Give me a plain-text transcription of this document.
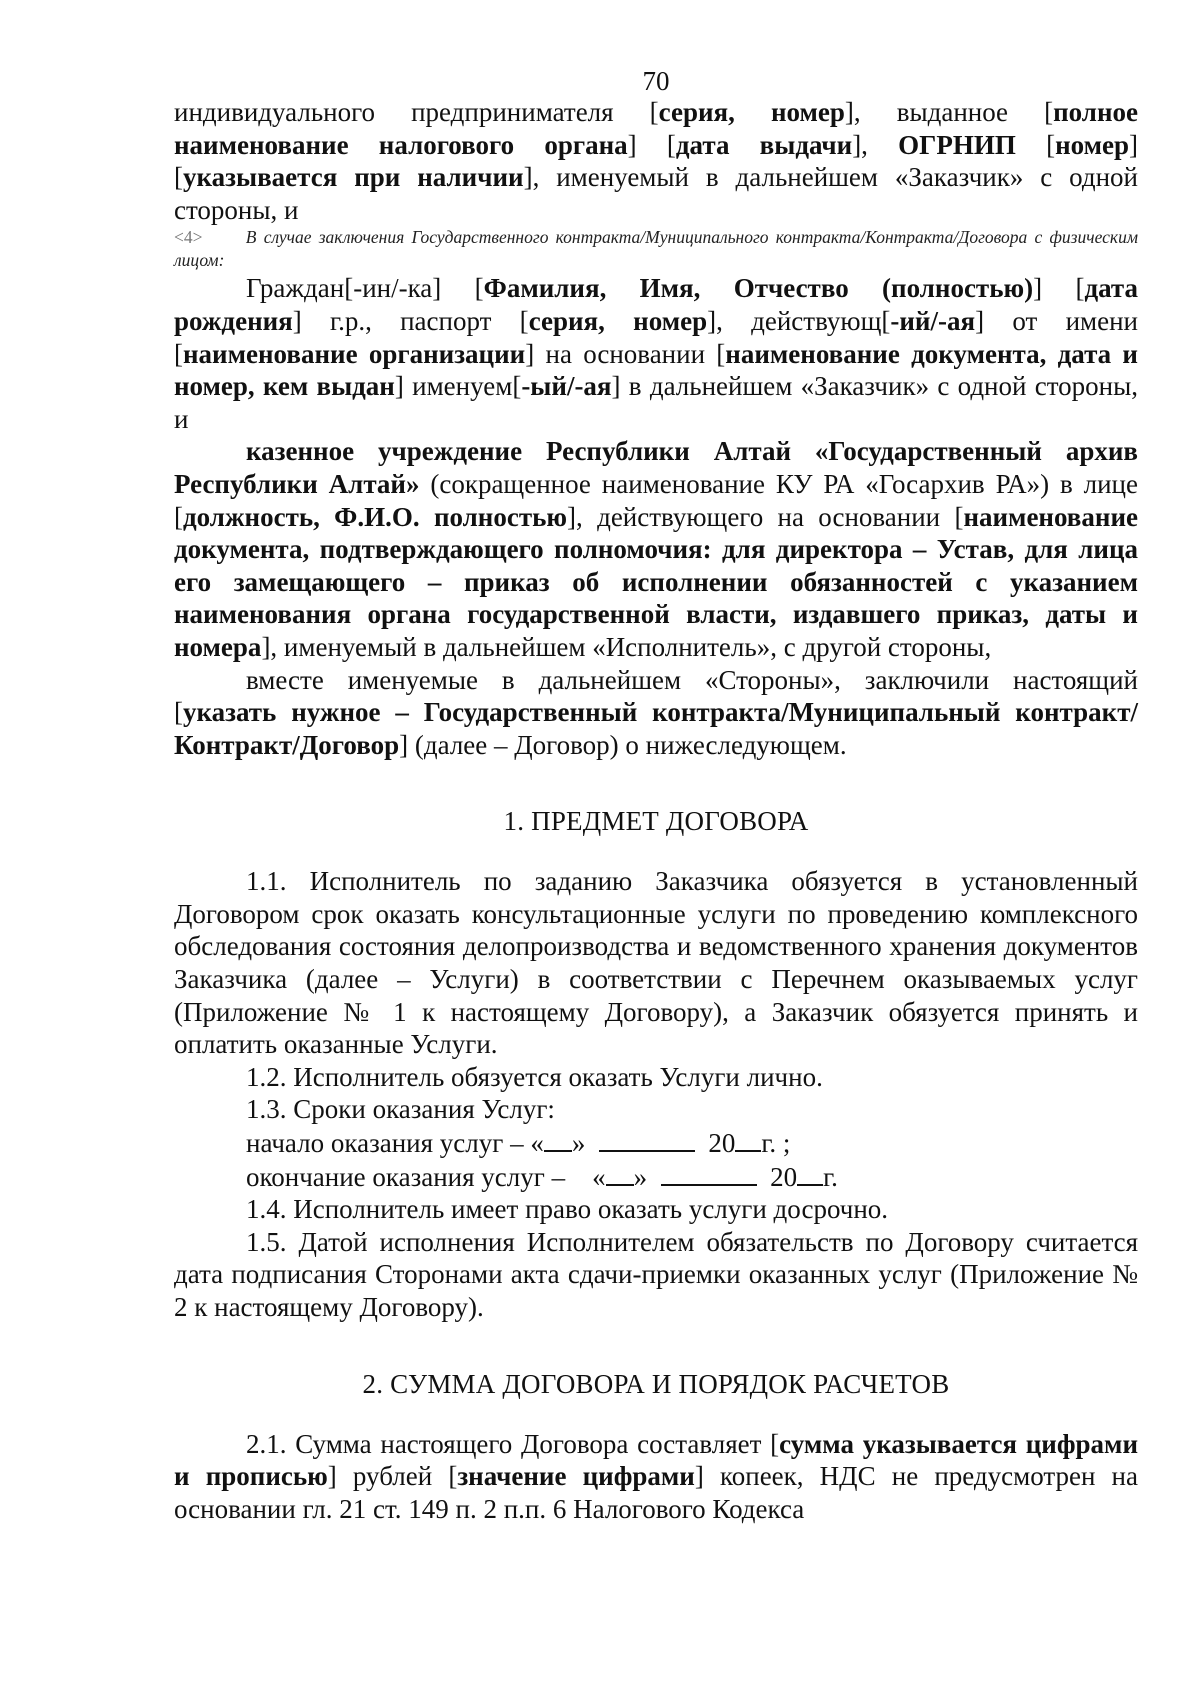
70

индивидуального предпринимателя [серия, номер], выданное [полное наименование налогового органа] [дата выдачи], ОГРНИП [номер] [указывается при наличии], именуемый в дальнейшем «Заказчик» с одной стороны, и

<4> В случае заключения Государственного контракта/Муниципального контракта/Контракта/Договора с физическим лицом:

Граждан[-ин/-ка] [Фамилия, Имя, Отчество (полностью)] [дата рождения] г.р., паспорт [серия, номер], действующ[-ий/-ая] от имени [наименование организации] на основании [наименование документа, дата и номер, кем выдан] именуем[-ый/-ая] в дальнейшем «Заказчик» с одной стороны, и

казенное учреждение Республики Алтай «Государственный архив Республики Алтай» (сокращенное наименование КУ РА «Госархив РА») в лице [должность, Ф.И.О. полностью], действующего на основании [наименование документа, подтверждающего полномочия: для директора – Устав, для лица его замещающего – приказ об исполнении обязанностей с указанием наименования органа государственной власти, издавшего приказ, даты и номера], именуемый в дальнейшем «Исполнитель», с другой стороны,

вместе именуемые в дальнейшем «Стороны», заключили настоящий [указать нужное – Государственный контракта/Муниципальный контракт/Контракт/Договор] (далее – Договор) о нижеследующем.

1. ПРЕДМЕТ ДОГОВОРА

1.1. Исполнитель по заданию Заказчика обязуется в установленный Договором срок оказать консультационные услуги по проведению комплексного обследования состояния делопроизводства и ведомственного хранения документов Заказчика (далее – Услуги) в соответствии с Перечнем оказываемых услуг (Приложение № 1 к настоящему Договору), а Заказчик обязуется принять и оплатить оказанные Услуги.

1.2. Исполнитель обязуется оказать Услуги лично.

1.3. Сроки оказания Услуг:

начало оказания услуг – « »	20 г. ;

окончание оказания услуг – « »	20 г.

1.4. Исполнитель имеет право оказать услуги досрочно.

1.5. Датой исполнения Исполнителем обязательств по Договору считается дата подписания Сторонами акта сдачи-приемки оказанных услуг (Приложение № 2 к настоящему Договору).

2. СУММА ДОГОВОРА И ПОРЯДОК РАСЧЕТОВ

2.1. Сумма настоящего Договора составляет [сумма указывается цифрами и прописью] рублей [значение цифрами] копеек, НДС не предусмотрен на основании гл. 21 ст. 149 п. 2 п.п. 6 Налогового Кодекса
